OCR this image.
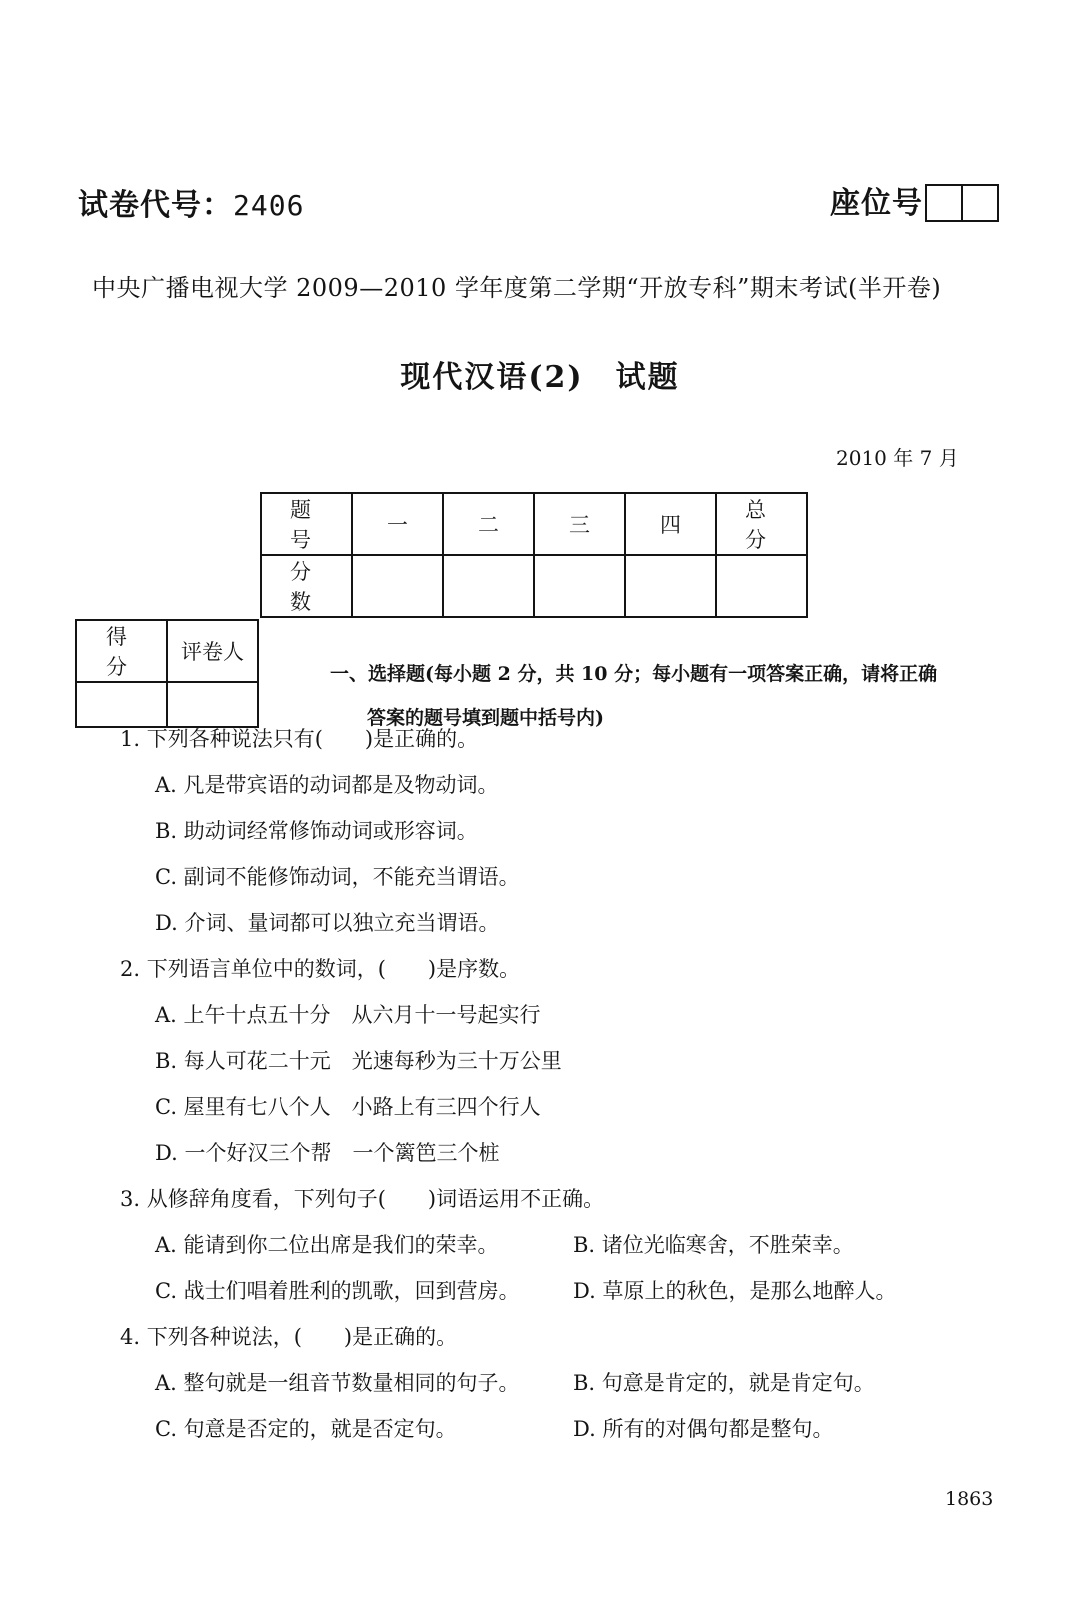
试卷代号：2406	座位号
中央广播电视大学 2009—2010 学年度第二学期“开放专科”期末考试(半开卷)
现代汉语(2)　试题
2010 年 7 月
题　号	一	二	三	四	总　分
分　数					
得　分	评卷人

一、选择题(每小题 2 分，共 10 分；每小题有一项答案正确，请将正确
答案的题号填到题中括号内)
1. 下列各种说法只有(　　)是正确的。
A. 凡是带宾语的动词都是及物动词。
B. 助动词经常修饰动词或形容词。
C. 副词不能修饰动词，不能充当谓语。
D. 介词、量词都可以独立充当谓语。
2. 下列语言单位中的数词，(　　)是序数。
A. 上午十点五十分　从六月十一号起实行
B. 每人可花二十元　光速每秒为三十万公里
C. 屋里有七八个人　小路上有三四个行人
D. 一个好汉三个帮　一个篱笆三个桩
3. 从修辞角度看，下列句子(　　)词语运用不正确。
A. 能请到你二位出席是我们的荣幸。	B. 诸位光临寒舍，不胜荣幸。
C. 战士们唱着胜利的凯歌，回到营房。	D. 草原上的秋色，是那么地醉人。
4. 下列各种说法，(　　)是正确的。
A. 整句就是一组音节数量相同的句子。	B. 句意是肯定的，就是肯定句。
C. 句意是否定的，就是否定句。	D. 所有的对偶句都是整句。
1863
